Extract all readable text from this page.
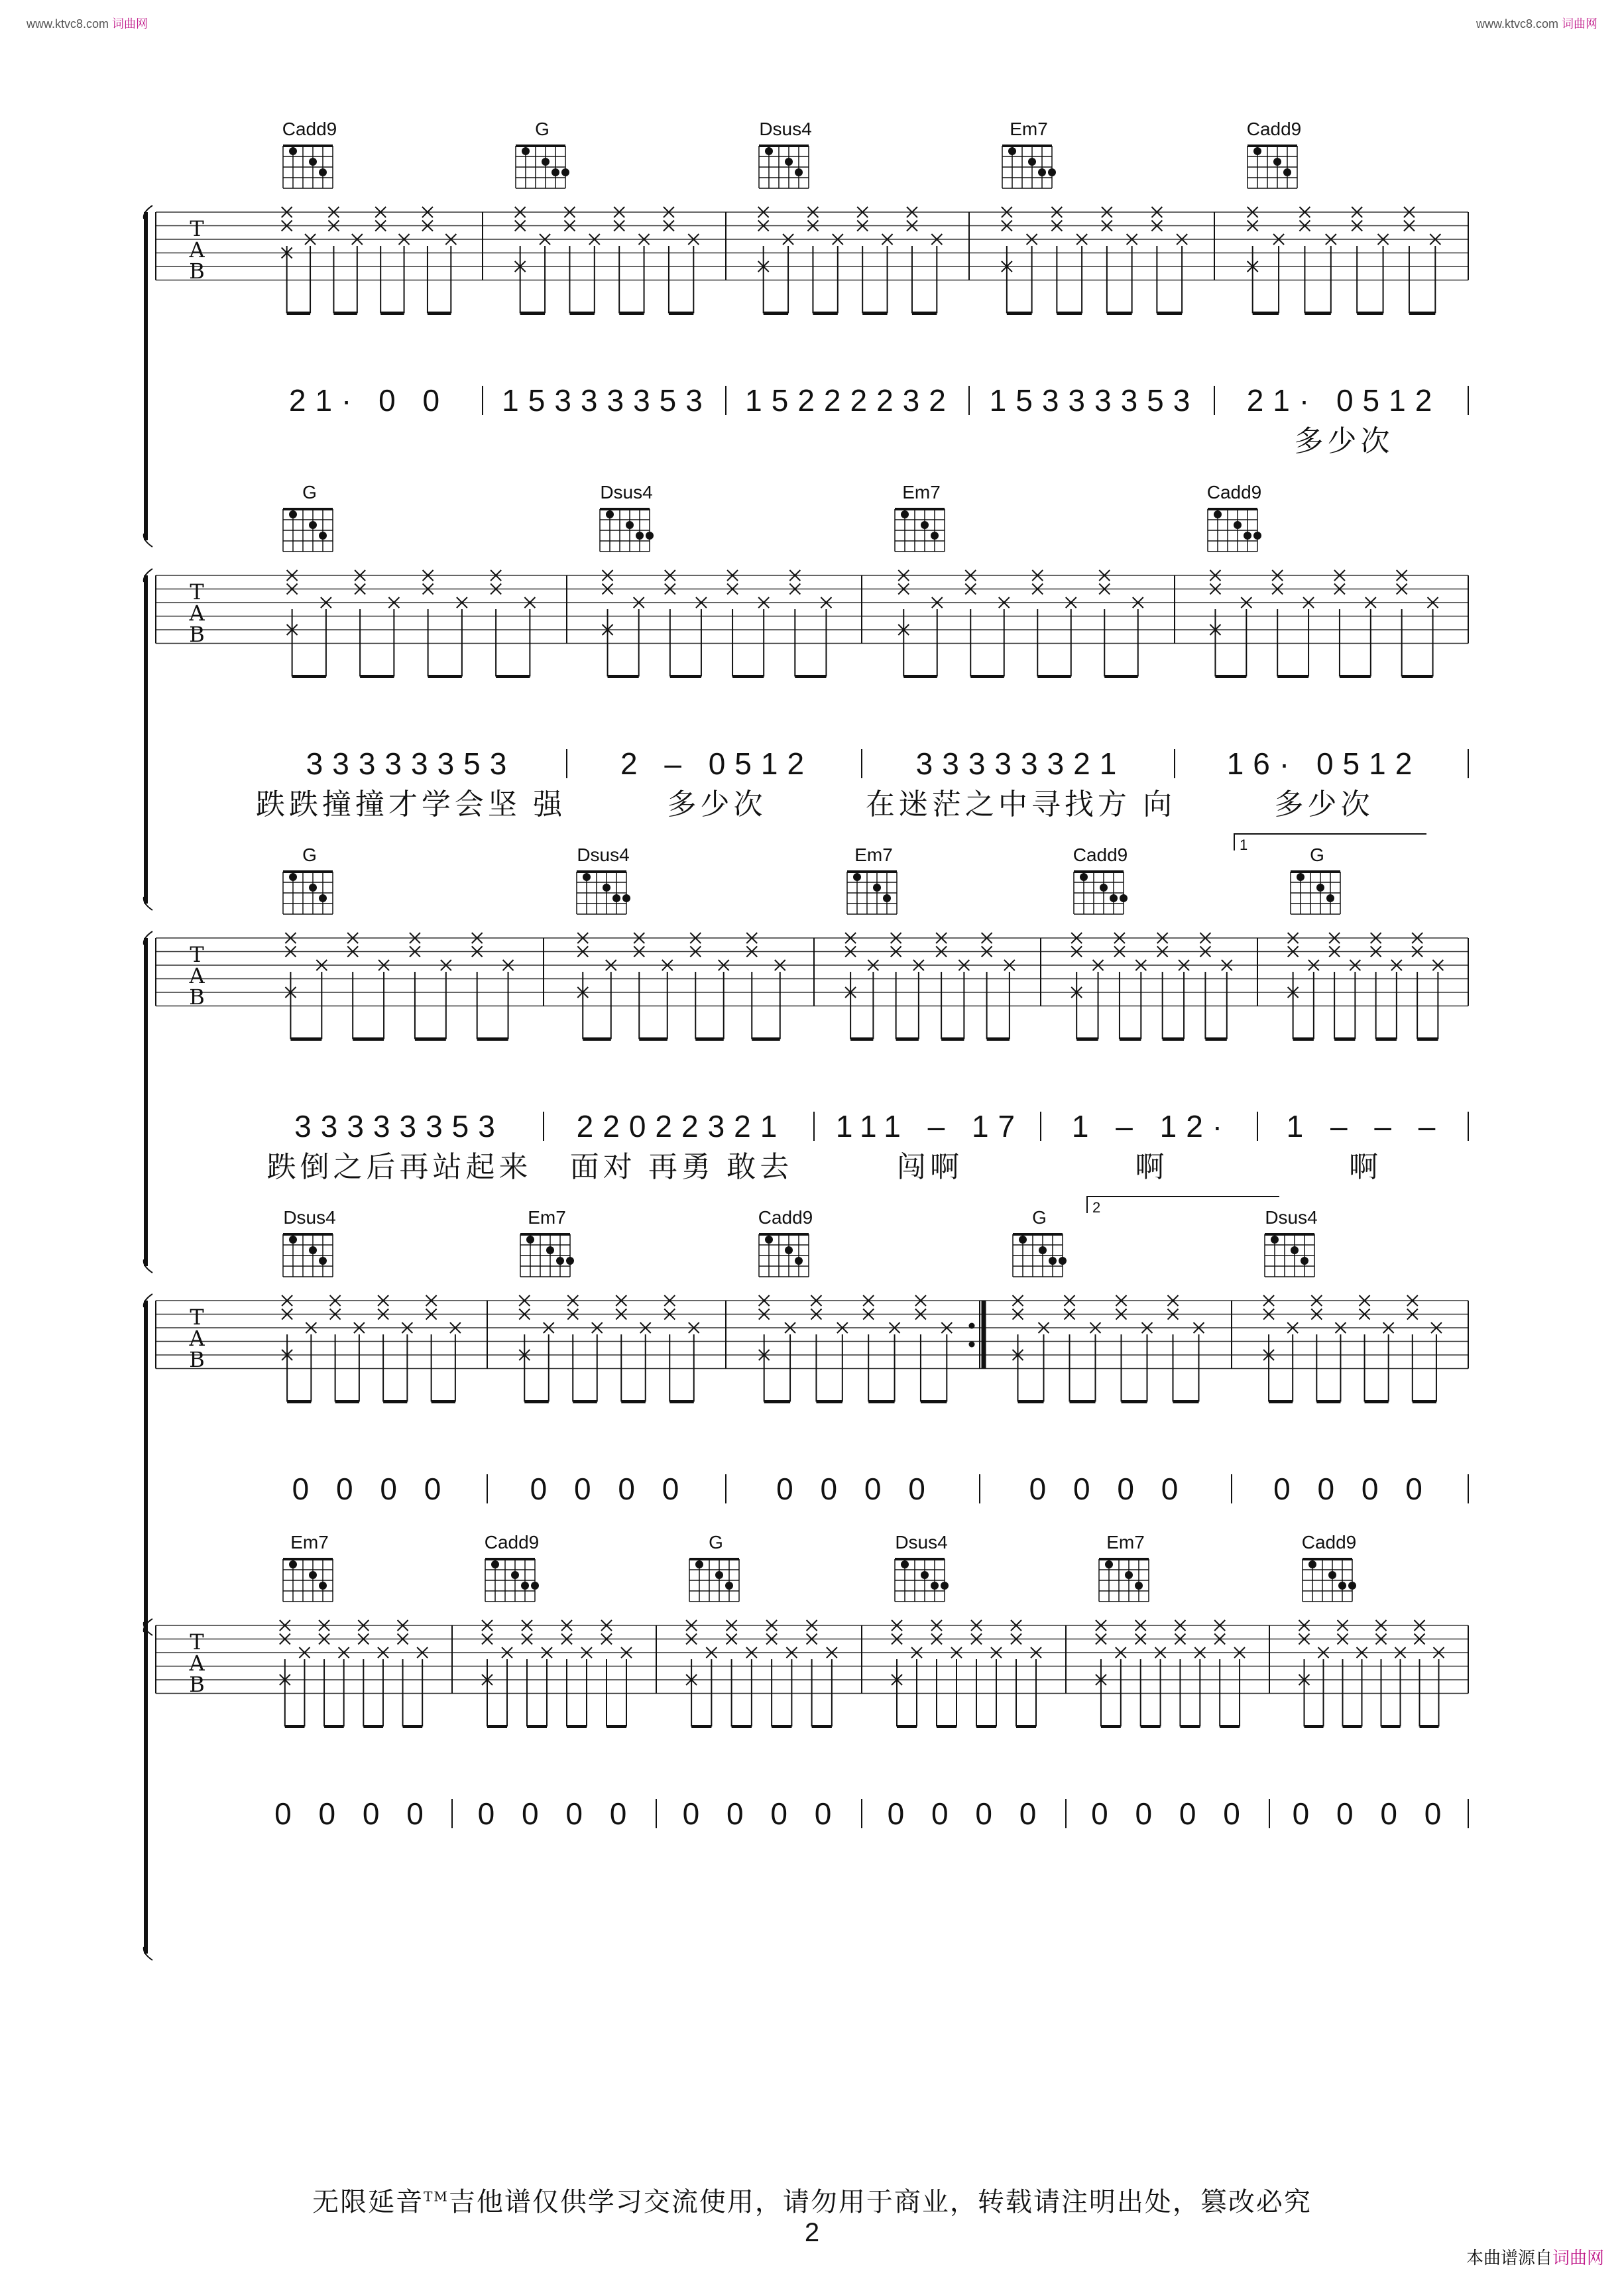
www.ktvc8.com 词曲网	www.ktvc8.com 词曲网
T
A
B
Cadd9
21· 0 0
G
15333353
Dsus4
15222232
Em7
15333353
Cadd9
21· 0512
多少次
T
A
B
G
33333353
跌跌撞撞才学会坚 强
Dsus4
2 – 0512
多少次
Em7
33333321
在迷茫之中寻找方 向
Cadd9
16· 0512
多少次
1
T
A
B
G
33333353
跌倒之后再站起来
Dsus4
22022321
面对 再勇 敢去
Em7
111 – 17
闯啊
Cadd9
1 – 12·
啊
G
1 – – –
啊
2
T
A
B
Dsus4
0 0 0 0
Em7
0 0 0 0
Cadd9
0 0 0 0
G
0 0 0 0
Dsus4
0 0 0 0
T
A
B
Em7
0 0 0 0
Cadd9
0 0 0 0
G
0 0 0 0
Dsus4
0 0 0 0
Em7
0 0 0 0
Cadd9
0 0 0 0
无限延音™吉他谱仅供学习交流使用，请勿用于商业，转载请注明出处，篡改必究
2
本曲谱源自词曲网
